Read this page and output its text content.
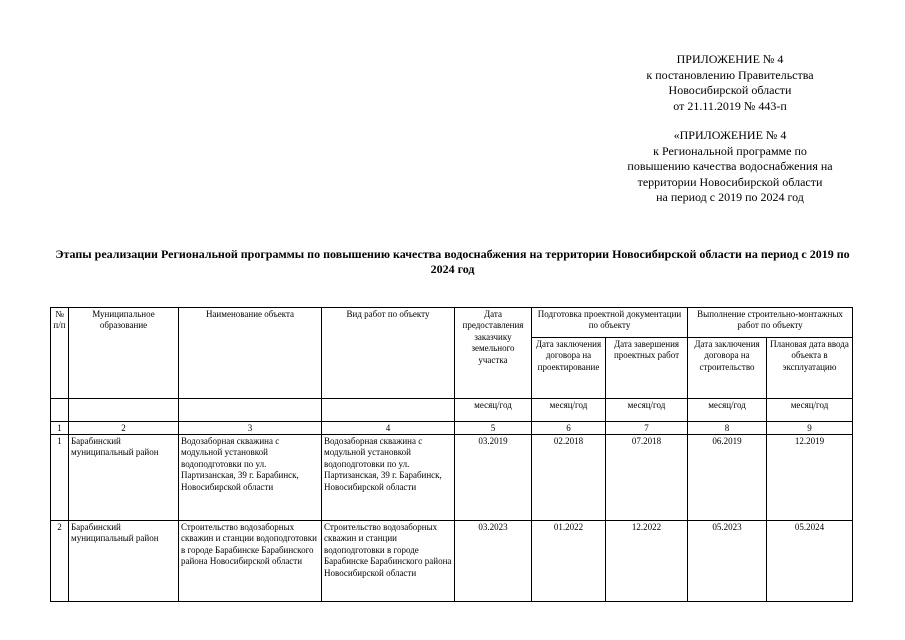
ПРИЛОЖЕНИЕ № 4
к постановлению Правительства
Новосибирской области
от 21.11.2019 № 443-п
«ПРИЛОЖЕНИЕ № 4
к Региональной программе по
повышению качества водоснабжения на
территории Новосибирской области
на период с 2019 по 2024 год
Этапы реализации Региональной программы по повышению качества водоснабжения на территории Новосибирской области на период с 2019 по 2024 год
№ п/п	Муниципальное образование	Наименование объекта	Вид работ по объекту	Дата предоставления заказчику земельного участка	Подготовка проектной документации по объекту		Выполнение строительно-монтажных работ по объекту	
					Дата заключения договора на проектирование	Дата завершения проектных работ	Дата заключения договора на строительство	Плановая дата ввода объекта в эксплуатацию
				месяц/год	месяц/год	месяц/год	месяц/год	месяц/год
1	2	3	4	5	6	7	8	9
1	Барабинский муниципальный район	Водозаборная скважина с модульной установкой водоподготовки по ул. Партизанская, 39 г. Барабинск, Новосибирской области	Водозаборная скважина с модульной установкой водоподготовки по ул. Партизанская, 39 г. Барабинск, Новосибирской области	03.2019	02.2018	07.2018	06.2019	12.2019
2	Барабинский муниципальный район	Строительство водозаборных скважин и станции водоподготовки в городе Барабинске Барабинского района Новосибирской области	Строительство водозаборных скважин и станции водоподготовки в городе Барабинске Барабинского района Новосибирской области	03.2023	01.2022	12.2022	05.2023	05.2024
